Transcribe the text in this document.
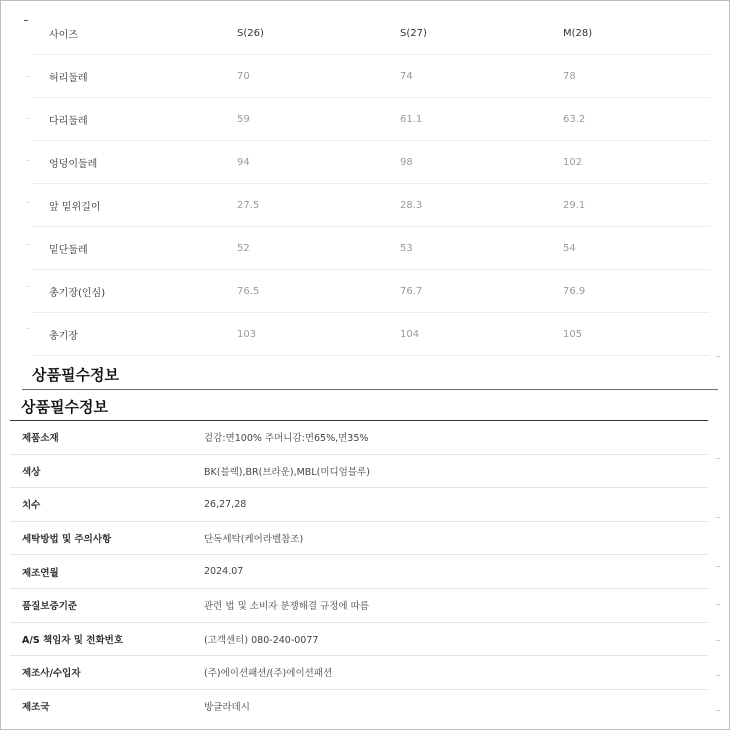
사이즈	S(26)	S(27)	M(28)
허리둘레	70	74	78
다리둘레	59	61.1	63.2
엉덩이둘레	94	98	102
앞 밑위길이	27.5	28.3	29.1
밑단둘레	52	53	54
총기장(인심)	76.5	76.7	76.9
총기장	103	104	105
상품필수정보
상품필수정보
제품소재	겉감:면100% 주머니감:면65%,면35%
색상	BK(블랙),BR(브라운),MBL(미디엄블루)
치수	26,27,28
세탁방법 및 주의사항	단독세탁(케어라벨참조)
제조연월	2024.07
품질보증기준	관련 법 및 소비자 분쟁해결 규정에 따름
A/S 책임자 및 전화번호	(고객센터) 080-240-0077
제조사/수입자	(주)에이션패션/(주)에이션패션
제조국	방글라데시
